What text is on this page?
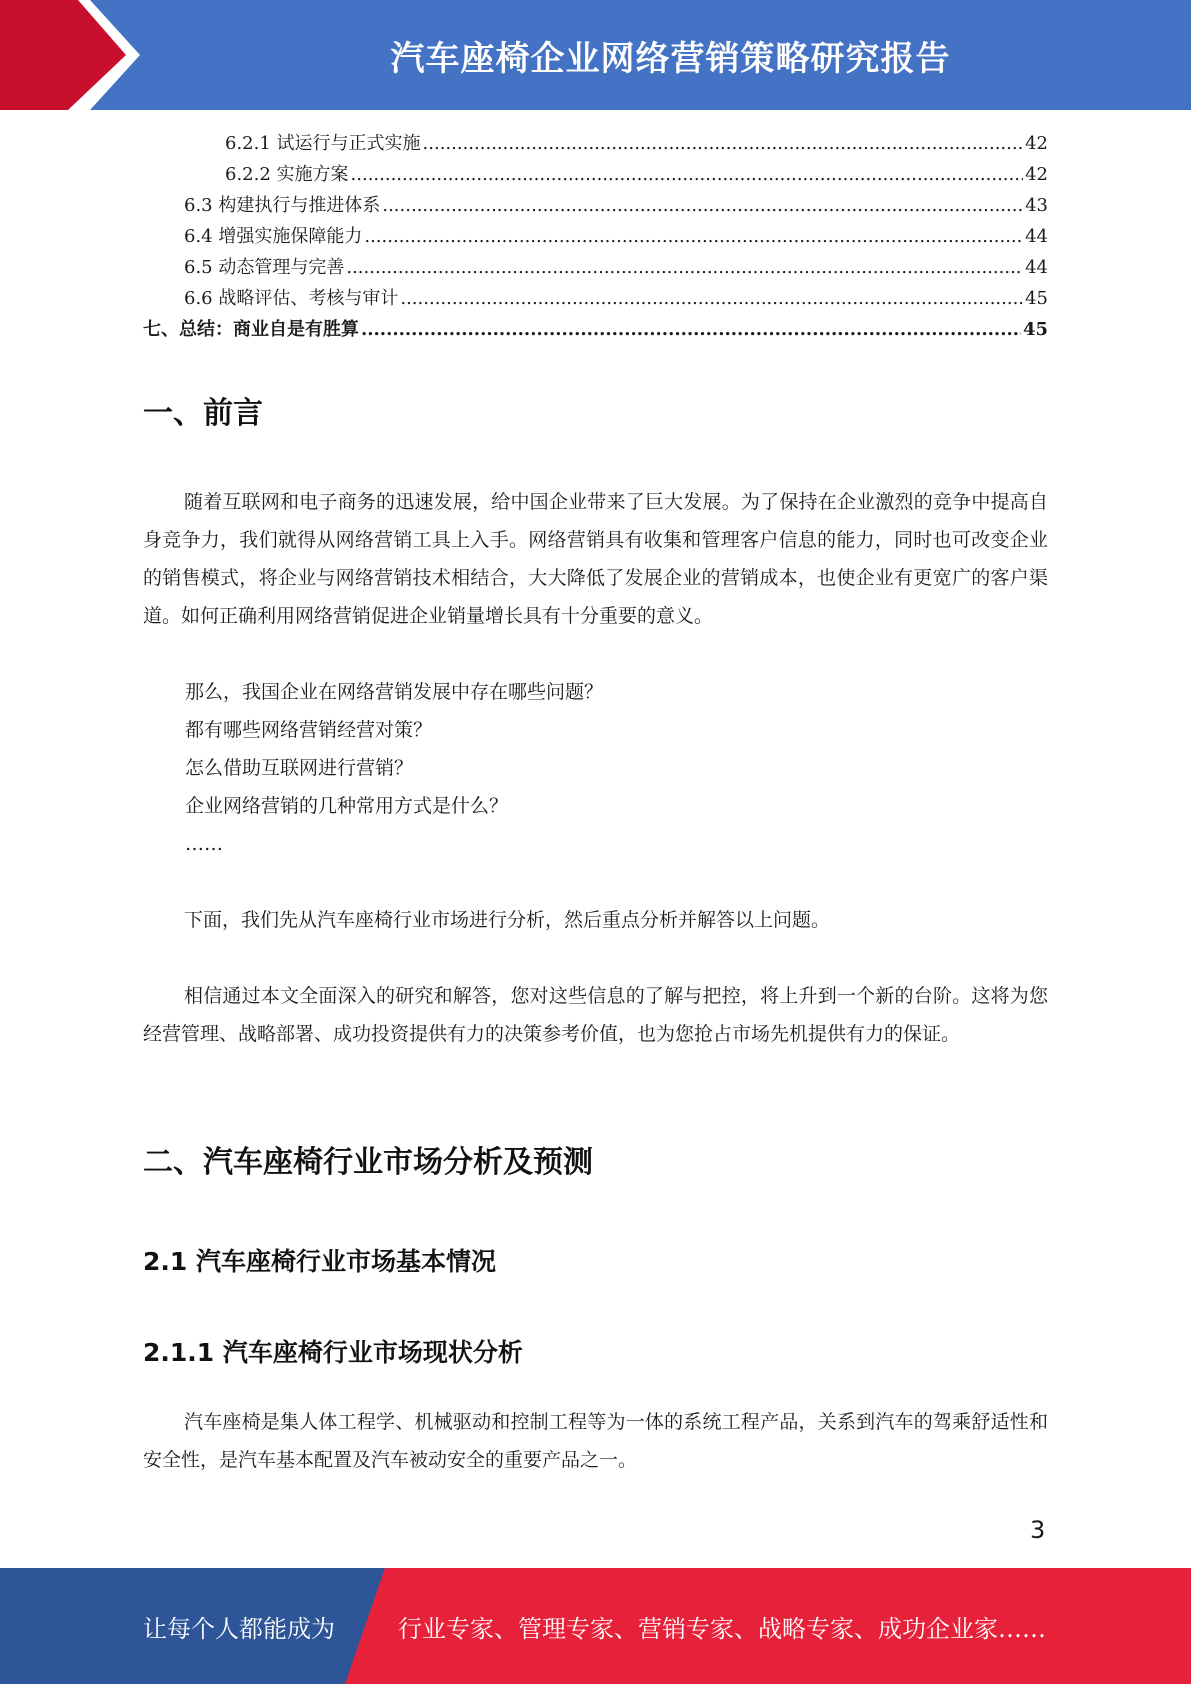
汽车座椅企业网络营销策略研究报告
6.2.1 试运行与正式实施 .....	42
6.2.2 实施方案 .....	42
6.3 构建执行与推进体系 .....	43
6.4 增强实施保障能力 .....	44
6.5 动态管理与完善 .....	44
6.6 战略评估、考核与审计 .....	45
七、总结：商业自是有胜算 .....	45
一、前言
随着互联网和电子商务的迅速发展，给中国企业带来了巨大发展。为了保持在企业激烈的竞争中提高自身竞争力，我们就得从网络营销工具上入手。网络营销具有收集和管理客户信息的能力，同时也可改变企业的销售模式，将企业与网络营销技术相结合，大大降低了发展企业的营销成本，也使企业有更宽广的客户渠道。如何正确利用网络营销促进企业销量增长具有十分重要的意义。
那么，我国企业在网络营销发展中存在哪些问题？
都有哪些网络营销经营对策？
怎么借助互联网进行营销？
企业网络营销的几种常用方式是什么？
……
下面，我们先从汽车座椅行业市场进行分析，然后重点分析并解答以上问题。
相信通过本文全面深入的研究和解答，您对这些信息的了解与把控，将上升到一个新的台阶。这将为您经营管理、战略部署、成功投资提供有力的决策参考价值，也为您抢占市场先机提供有力的保证。
二、汽车座椅行业市场分析及预测
2.1 汽车座椅行业市场基本情况
2.1.1 汽车座椅行业市场现状分析
汽车座椅是集人体工程学、机械驱动和控制工程等为一体的系统工程产品，关系到汽车的驾乘舒适性和安全性，是汽车基本配置及汽车被动安全的重要产品之一。
3
让每个人都能成为	行业专家、管理专家、营销专家、战略专家、成功企业家……
